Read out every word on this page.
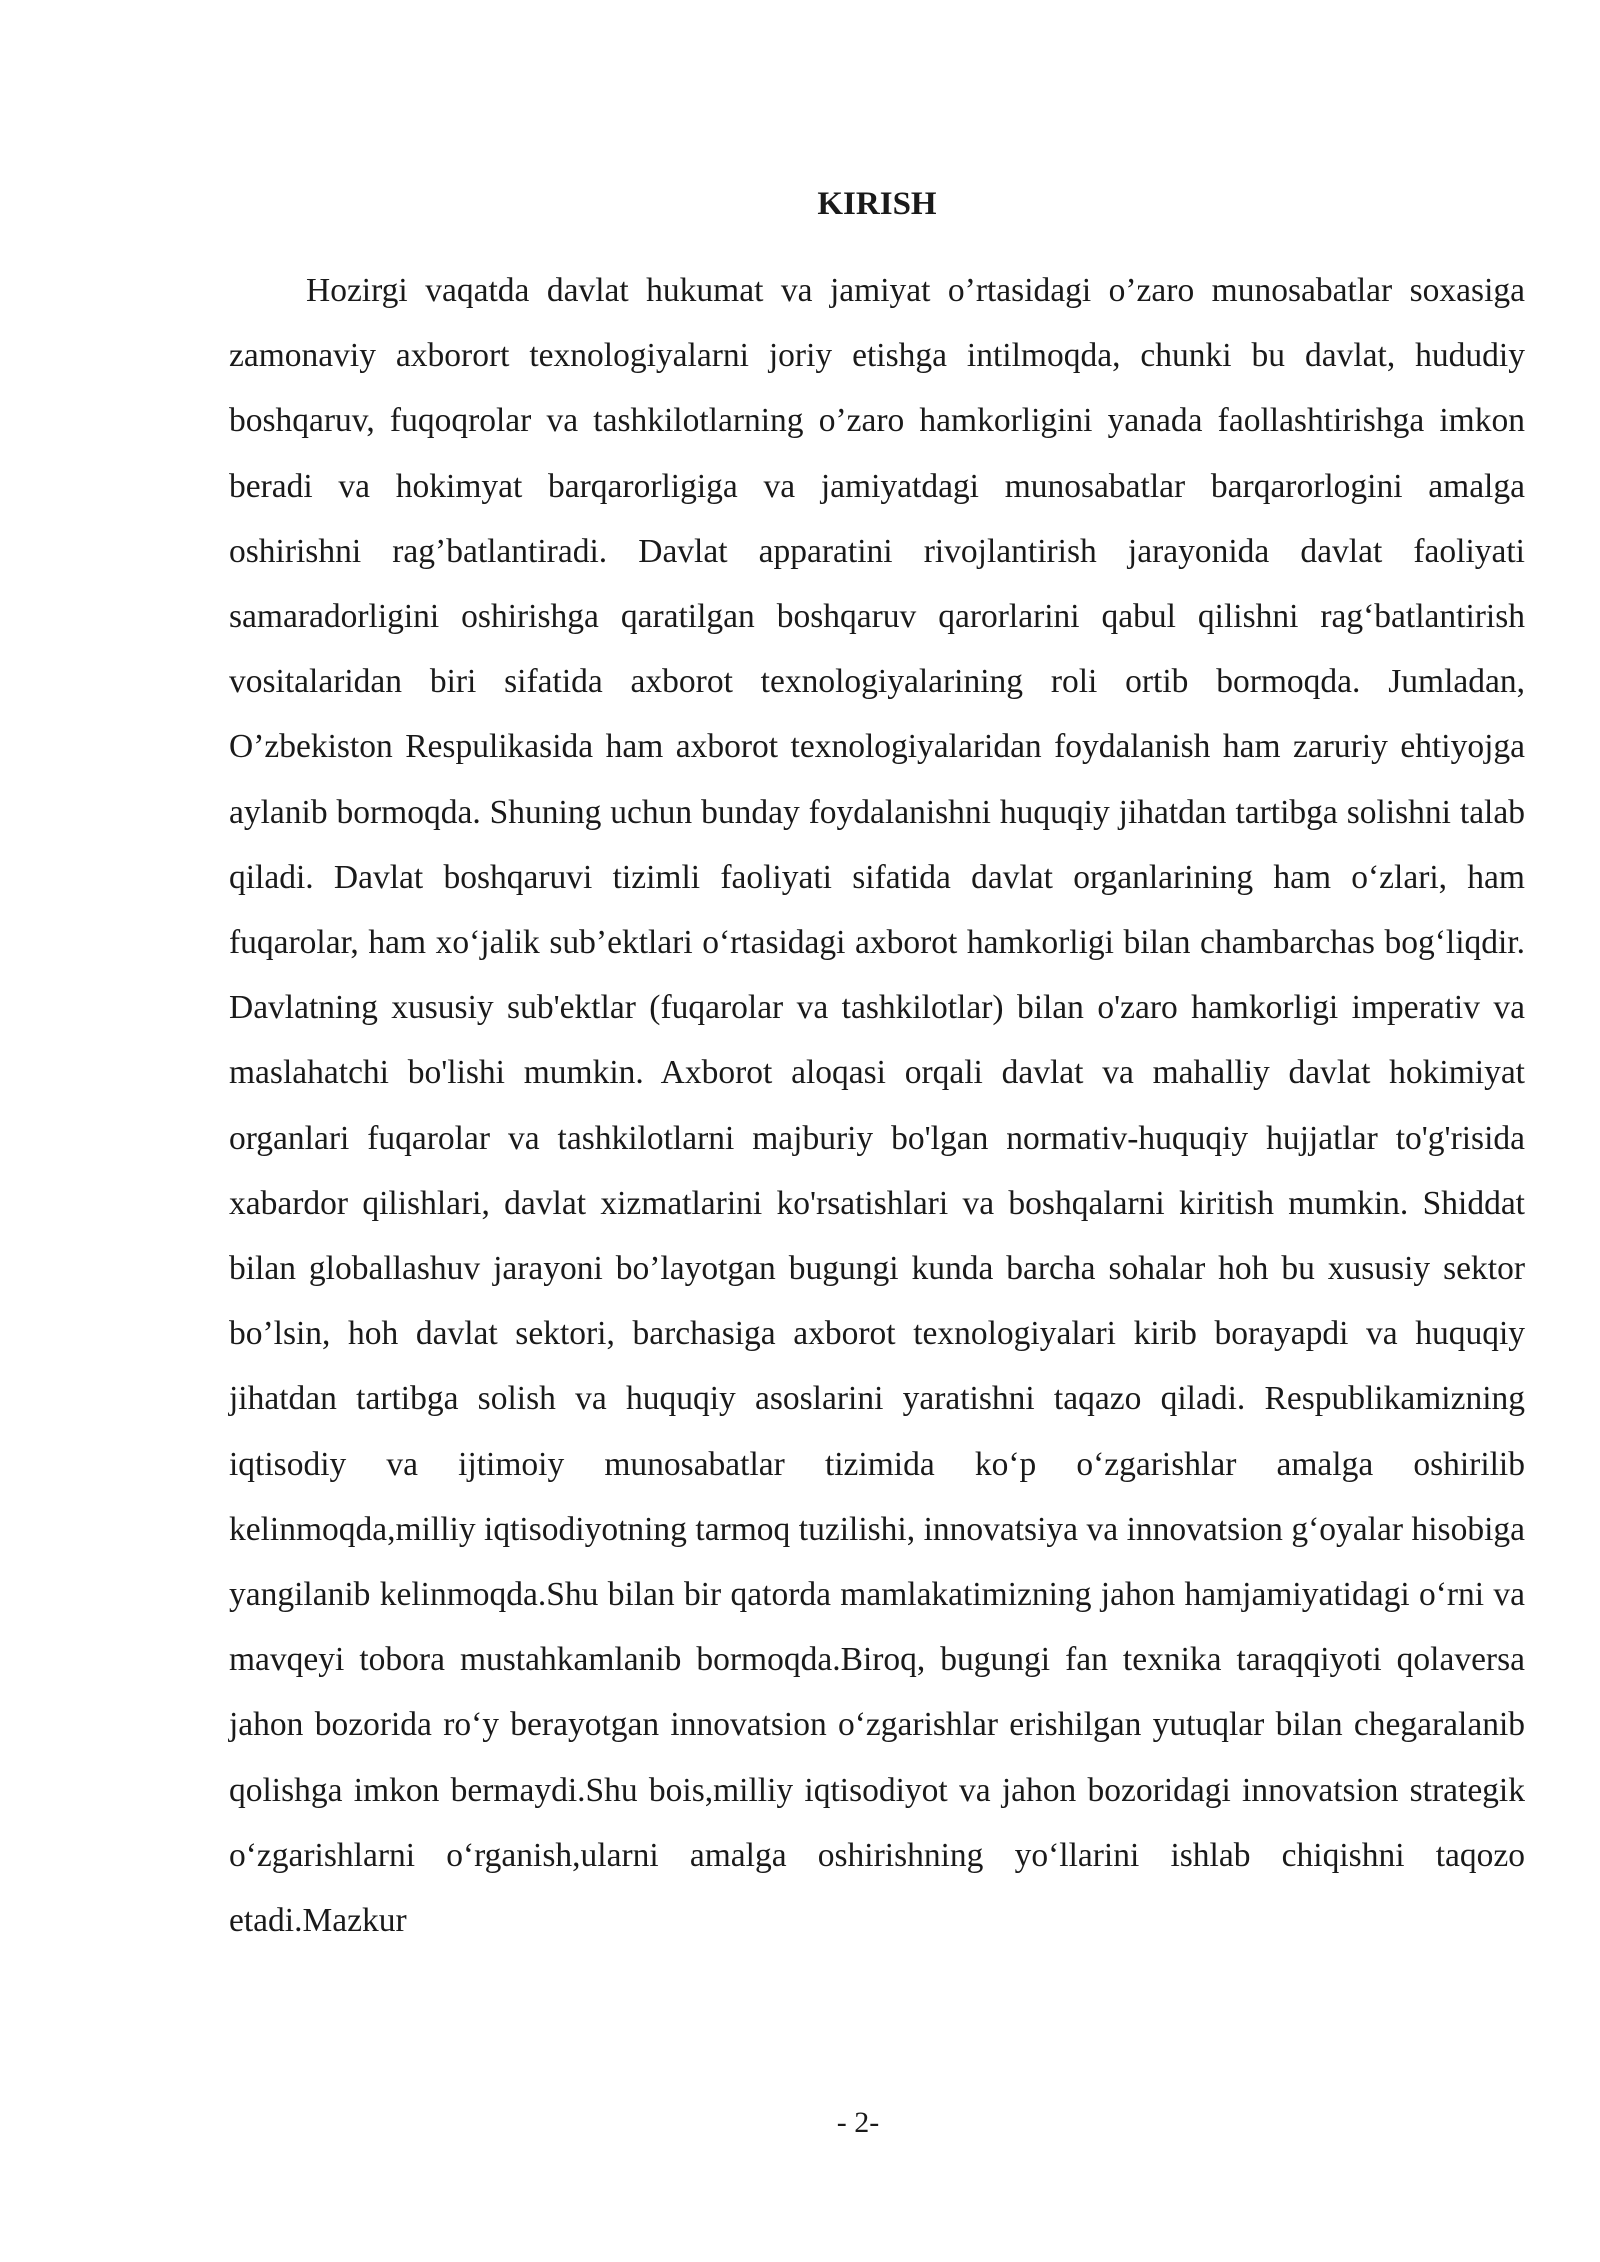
KIRISH

Hozirgi vaqatda davlat hukumat va jamiyat o’rtasidagi o’zaro munosabatlar soxasiga zamonaviy axborort texnologiyalarni joriy etishga intilmoqda, chunki bu davlat, hududiy boshqaruv, fuqoqrolar va tashkilotlarning o’zaro hamkorligini yanada faollashtirishga imkon beradi va hokimyat barqarorligiga va jamiyatdagi munosabatlar barqarorlogini amalga oshirishni rag’batlantiradi. Davlat apparatini rivojlantirish jarayonida davlat faoliyati samaradorligini oshirishga qaratilgan boshqaruv qarorlarini qabul qilishni rag‘batlantirish vositalaridan biri sifatida axborot texnologiyalarining roli ortib bormoqda. Jumladan, O’zbekiston Respulikasida ham axborot texnologiyalaridan foydalanish ham zaruriy ehtiyojga aylanib bormoqda. Shuning uchun bunday foydalanishni huquqiy jihatdan tartibga solishni talab qiladi. Davlat boshqaruvi tizimli faoliyati sifatida davlat organlarining ham o‘zlari, ham fuqarolar, ham xo‘jalik sub’ektlari o‘rtasidagi axborot hamkorligi bilan chambarchas bog‘liqdir. Davlatning xususiy sub'ektlar (fuqarolar va tashkilotlar) bilan o'zaro hamkorligi imperativ va maslahatchi bo'lishi mumkin. Axborot aloqasi orqali davlat va mahalliy davlat hokimiyat organlari fuqarolar va tashkilotlarni majburiy bo'lgan normativ-huquqiy hujjatlar to'g'risida xabardor qilishlari, davlat xizmatlarini ko'rsatishlari va boshqalarni kiritish mumkin. Shiddat bilan globallashuv jarayoni bo’layotgan bugungi kunda barcha sohalar hoh bu xususiy sektor bo’lsin, hoh davlat sektori, barchasiga axborot texnologiyalari kirib borayapdi va huquqiy jihatdan tartibga solish va huquqiy asoslarini yaratishni taqazo qiladi. Respublikamizning iqtisodiy va ijtimoiy munosabatlar tizimida ko‘p o‘zgarishlar amalga oshirilib kelinmoqda,milliy iqtisodiyotning tarmoq tuzilishi, innovatsiya va innovatsion g‘oyalar hisobiga yangilanib kelinmoqda.Shu bilan bir qatorda mamlakatimizning jahon hamjamiyatidagi o‘rni va mavqeyi tobora mustahkamlanib bormoqda.Biroq, bugungi fan texnika taraqqiyoti qolaversa jahon bozorida ro‘y berayotgan innovatsion o‘zgarishlar erishilgan yutuqlar bilan chegaralanib qolishga imkon bermaydi.Shu bois,milliy iqtisodiyot va jahon bozoridagi innovatsion strategik o‘zgarishlarni o‘rganish,ularni amalga oshirishning yo‘llarini ishlab chiqishni taqozo etadi.Mazkur

- 2-
